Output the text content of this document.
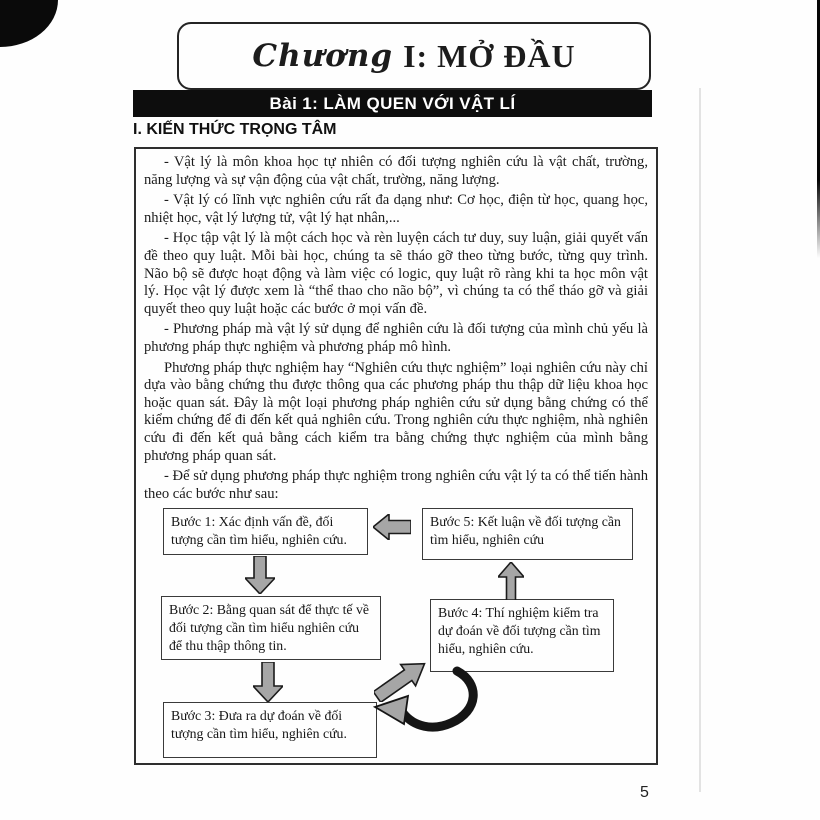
Chương I: MỞ ĐẦU
Bài 1: LÀM QUEN VỚI VẬT LÍ
I. KIẾN THỨC TRỌNG TÂM

- Vật lý là môn khoa học tự nhiên có đối tượng nghiên cứu là vật chất, trường, năng lượng và sự vận động của vật chất, trường, năng lượng.

- Vật lý có lĩnh vực nghiên cứu rất đa dạng như: Cơ học, điện từ học, quang học, nhiệt học, vật lý lượng tử, vật lý hạt nhân,...

- Học tập vật lý là một cách học và rèn luyện cách tư duy, suy luận, giải quyết vấn đề theo quy luật. Mỗi bài học, chúng ta sẽ tháo gỡ theo từng bước, từng quy trình. Não bộ sẽ được hoạt động và làm việc có logic, quy luật rõ ràng khi ta học môn vật lý. Học vật lý được xem là “thể thao cho não bộ”, vì chúng ta có thể tháo gỡ và giải quyết theo quy luật hoặc các bước ở mọi vấn đề.

- Phương pháp mà vật lý sử dụng để nghiên cứu là đối tượng của mình chủ yếu là phương pháp thực nghiệm và phương pháp mô hình.

Phương pháp thực nghiệm hay “Nghiên cứu thực nghiệm” loại nghiên cứu này chỉ dựa vào bằng chứng thu được thông qua các phương pháp thu thập dữ liệu khoa học hoặc quan sát. Đây là một loại phương pháp nghiên cứu sử dụng bằng chứng có thể kiểm chứng để đi đến kết quả nghiên cứu. Trong nghiên cứu thực nghiệm, nhà nghiên cứu đi đến kết quả bằng cách kiểm tra bằng chứng thực nghiệm của mình bằng phương pháp quan sát.

- Để sử dụng phương pháp thực nghiệm trong nghiên cứu vật lý ta có thể tiến hành theo các bước như sau:

Bước 1: Xác định vấn đề, đối tượng cần tìm hiểu, nghiên cứu.
Bước 5: Kết luận về đối tượng cần tìm hiểu, nghiên cứu
Bước 2: Bằng quan sát để thực tế về đối tượng cần tìm hiểu nghiên cứu để thu thập thông tin.
Bước 4: Thí nghiệm kiểm tra dự đoán về đối tượng cần tìm hiểu, nghiên cứu.
Bước 3: Đưa ra dự đoán về đối tượng cần tìm hiểu, nghiên cứu.
5
